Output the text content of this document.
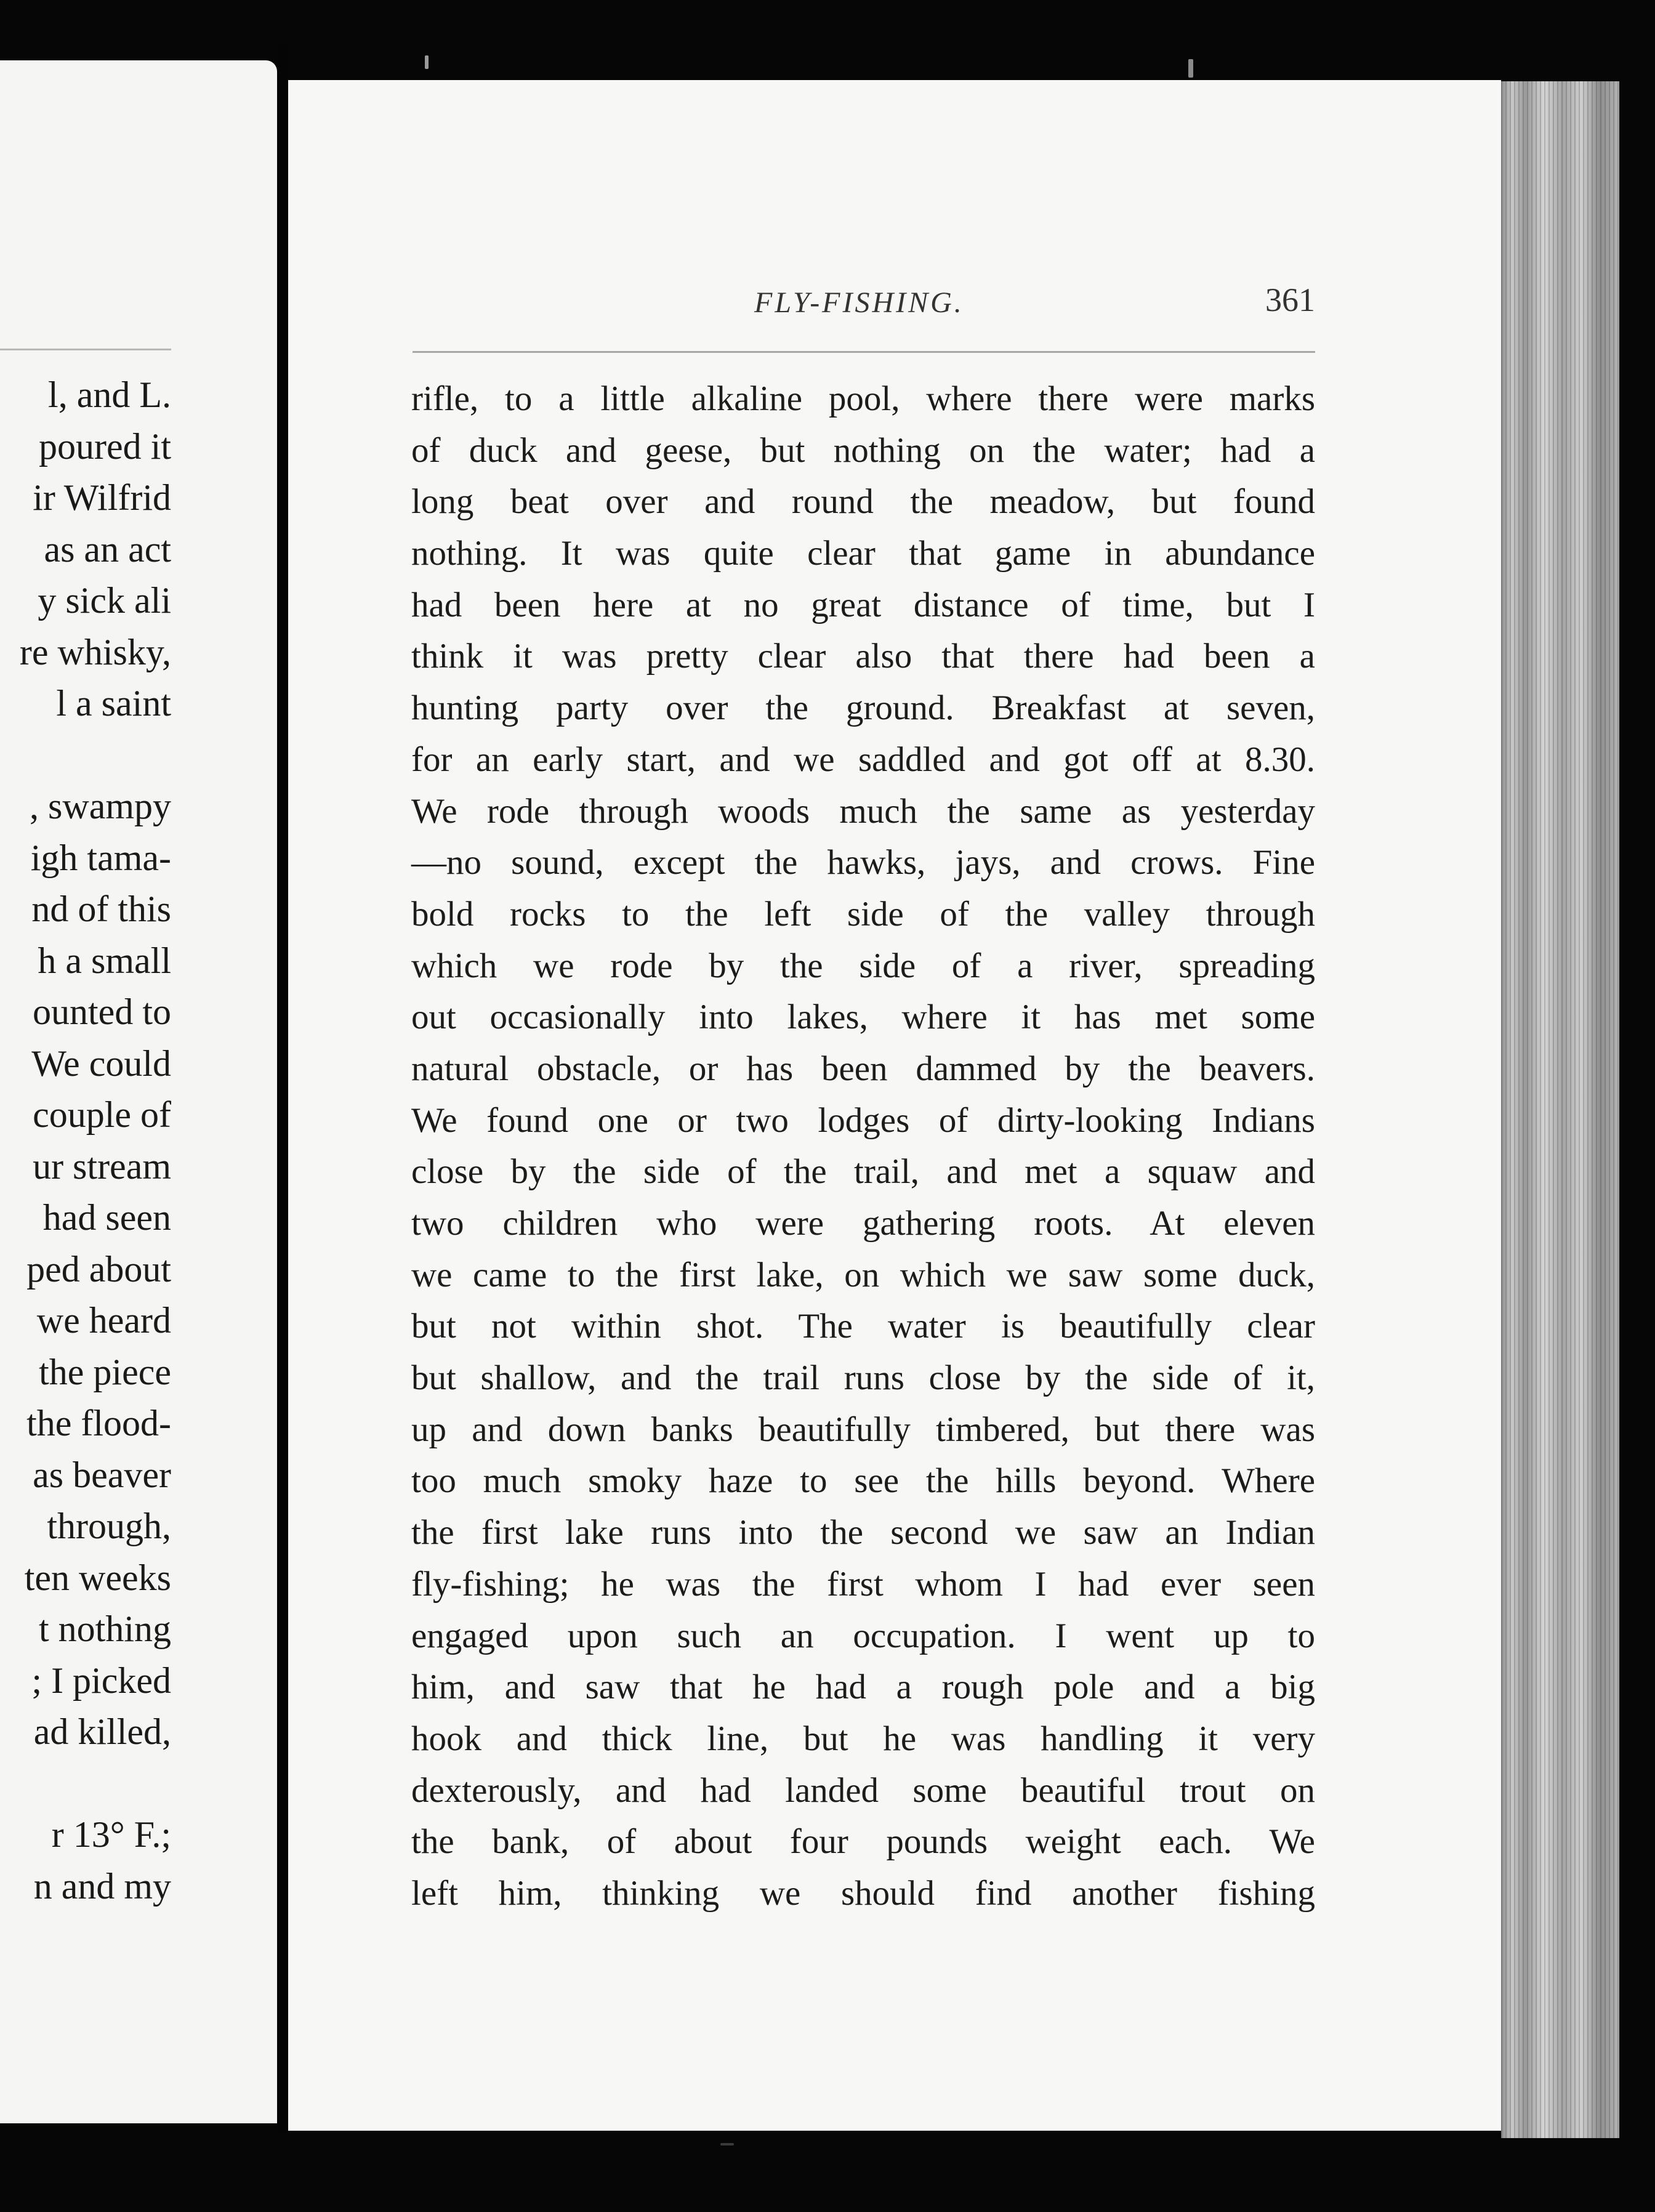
l, and L.
poured it
ir Wilfrid
as an act
y sick ali
re whisky,
l a saint
, swampy
igh tama-
nd of this
h a small
ounted to
We could
couple of
ur stream
had seen
ped about
we heard
the piece
the flood-
as beaver
through,
ten weeks
t nothing
; I picked
ad killed,
r 13° F.;
n and my
FLY-FISHING.	361
rifle, to a little alkaline pool, where there were marks
of duck and geese, but nothing on the water; had a
long beat over and round the meadow, but found
nothing. It was quite clear that game in abundance
had been here at no great distance of time, but I
think it was pretty clear also that there had been a
hunting party over the ground. Breakfast at seven,
for an early start, and we saddled and got off at 8.30.
We rode through woods much the same as yesterday
—no sound, except the hawks, jays, and crows. Fine
bold rocks to the left side of the valley through
which we rode by the side of a river, spreading
out occasionally into lakes, where it has met some
natural obstacle, or has been dammed by the beavers.
We found one or two lodges of dirty-looking Indians
close by the side of the trail, and met a squaw and
two children who were gathering roots. At eleven
we came to the first lake, on which we saw some duck,
but not within shot. The water is beautifully clear
but shallow, and the trail runs close by the side of it,
up and down banks beautifully timbered, but there was
too much smoky haze to see the hills beyond. Where
the first lake runs into the second we saw an Indian
fly-fishing; he was the first whom I had ever seen
engaged upon such an occupation. I went up to
him, and saw that he had a rough pole and a big
hook and thick line, but he was handling it very
dexterously, and had landed some beautiful trout on
the bank, of about four pounds weight each. We
left him, thinking we should find another fishing
